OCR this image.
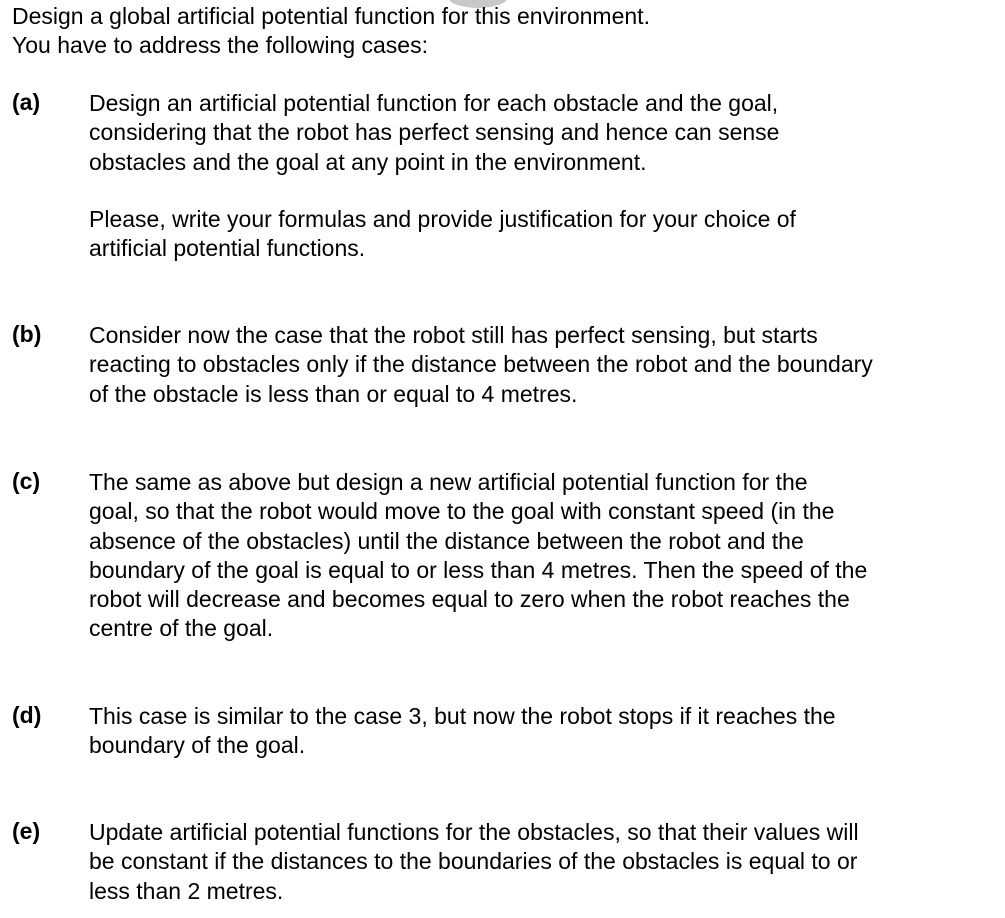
Design a global artificial potential function for this environment.
You have to address the following cases:
(a) Design an artificial potential function for each obstacle and the goal,
considering that the robot has perfect sensing and hence can sense
obstacles and the goal at any point in the environment.
Please, write your formulas and provide justification for your choice of
artificial potential functions.
(b) Consider now the case that the robot still has perfect sensing, but starts
reacting to obstacles only if the distance between the robot and the boundary
of the obstacle is less than or equal to 4 metres.
(c) The same as above but design a new artificial potential function for the
goal, so that the robot would move to the goal with constant speed (in the
absence of the obstacles) until the distance between the robot and the
boundary of the goal is equal to or less than 4 metres. Then the speed of the
robot will decrease and becomes equal to zero when the robot reaches the
centre of the goal.
(d) This case is similar to the case 3, but now the robot stops if it reaches the
boundary of the goal.
(e) Update artificial potential functions for the obstacles, so that their values will
be constant if the distances to the boundaries of the obstacles is equal to or
less than 2 metres.
